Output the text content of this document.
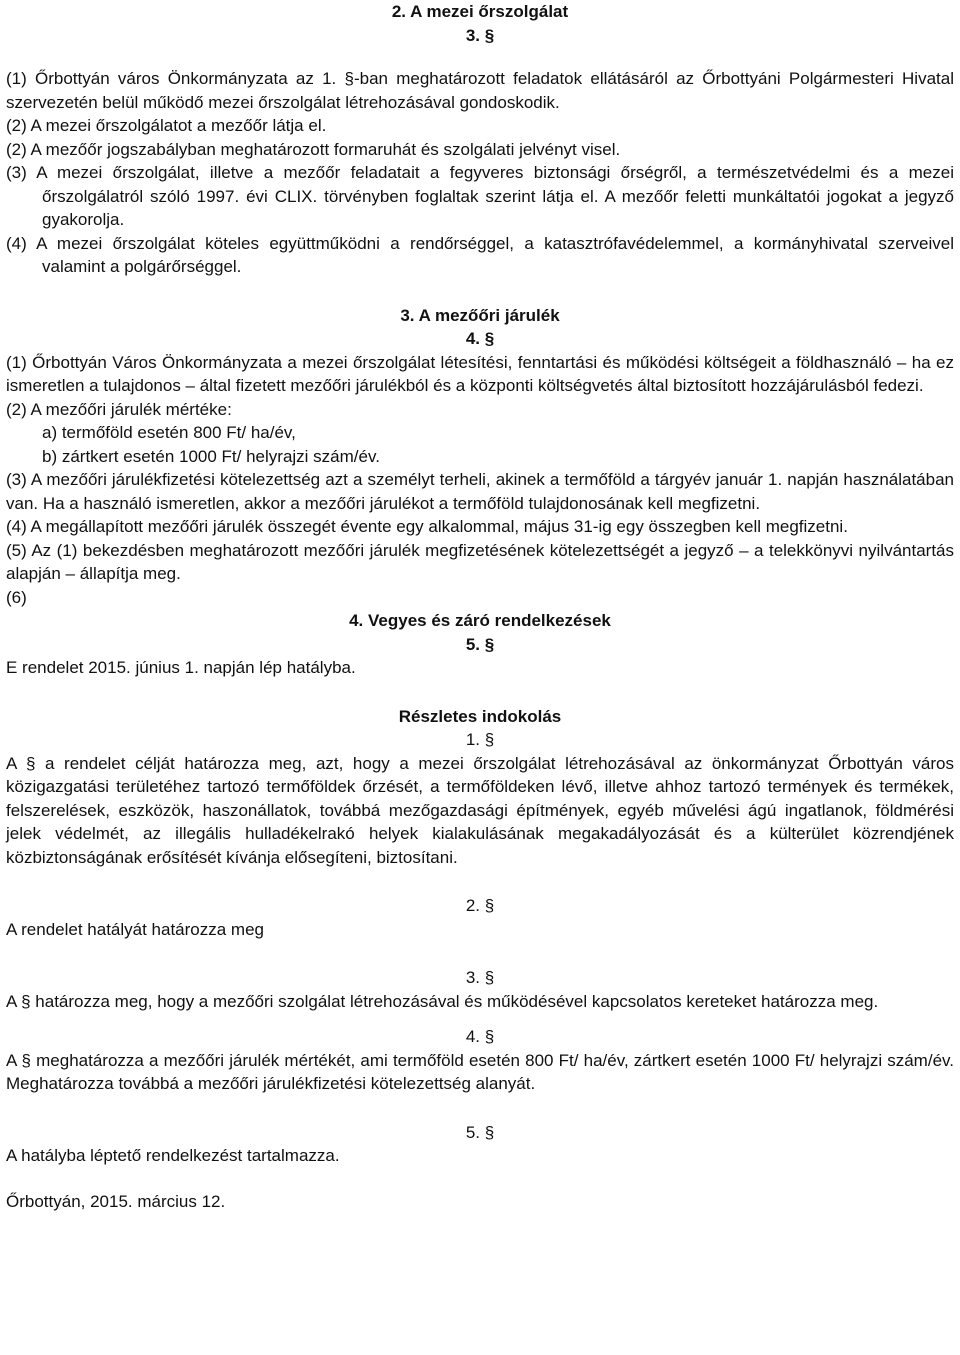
2. A mezei őrszolgálat

3. §

(1) Őrbottyán város Önkormányzata az 1. §-ban meghatározott feladatok ellátásáról az Őrbottyáni Polgármesteri Hivatal szervezetén belül működő mezei őrszolgálat létrehozásával gondoskodik.

(2) A mezei őrszolgálatot a mezőőr látja el.

(2) A mezőőr jogszabályban meghatározott formaruhát és szolgálati jelvényt visel.

(3) A mezei őrszolgálat, illetve a mezőőr feladatait a fegyveres biztonsági őrségről, a természetvédelmi és a mezei őrszolgálatról szóló 1997. évi CLIX. törvényben foglaltak szerint látja el. A mezőőr feletti munkáltatói jogokat a jegyző gyakorolja.

(4) A mezei őrszolgálat köteles együttműködni a rendőrséggel, a katasztrófavédelemmel, a kormányhivatal szerveivel valamint a polgárőrséggel.

3. A mezőőri járulék

4. §

(1) Őrbottyán Város Önkormányzata a mezei őrszolgálat létesítési, fenntartási és működési költségeit a földhasználó – ha ez ismeretlen a tulajdonos – által fizetett mezőőri járulékból és a központi költségvetés által biztosított hozzájárulásból fedezi.

(2) A mezőőri járulék mértéke:

a) termőföld esetén 800 Ft/ ha/év,

b) zártkert esetén 1000 Ft/ helyrajzi szám/év.

(3) A mezőőri járulékfizetési kötelezettség azt a személyt terheli, akinek a termőföld a tárgyév január 1. napján használatában van. Ha a használó ismeretlen, akkor a mezőőri járulékot a termőföld tulajdonosának kell megfizetni.

(4) A megállapított mezőőri járulék összegét évente egy alkalommal, május 31-ig egy összegben kell megfizetni.

(5) Az (1) bekezdésben meghatározott mezőőri járulék megfizetésének kötelezettségét a jegyző – a telekkönyvi nyilvántartás alapján – állapítja meg.

(6)

4. Vegyes és záró rendelkezések

5. §

E rendelet 2015. június 1. napján lép hatályba.

Részletes indokolás

1. §

A § a rendelet célját határozza meg, azt, hogy a mezei őrszolgálat létrehozásával az önkormányzat Őrbottyán város közigazgatási területéhez tartozó termőföldek őrzését, a termőföldeken lévő, illetve ahhoz tartozó termények és termékek, felszerelések, eszközök, haszonállatok, továbbá mezőgazdasági építmények, egyéb művelési ágú ingatlanok, földmérési jelek védelmét, az illegális hulladékelrakó helyek kialakulásának megakadályozását és a külterület közrendjének közbiztonságának erősítését kívánja elősegíteni, biztosítani.

2. §

A rendelet hatályát határozza meg

3. §

A § határozza meg, hogy a mezőőri szolgálat létrehozásával és működésével kapcsolatos kereteket határozza meg.

4. §

A § meghatározza a mezőőri járulék mértékét, ami termőföld esetén 800 Ft/ ha/év, zártkert esetén 1000 Ft/ helyrajzi szám/év. Meghatározza továbbá a mezőőri járulékfizetési kötelezettség alanyát.

5. §

A hatályba léptető rendelkezést tartalmazza.

Őrbottyán, 2015. március 12.
